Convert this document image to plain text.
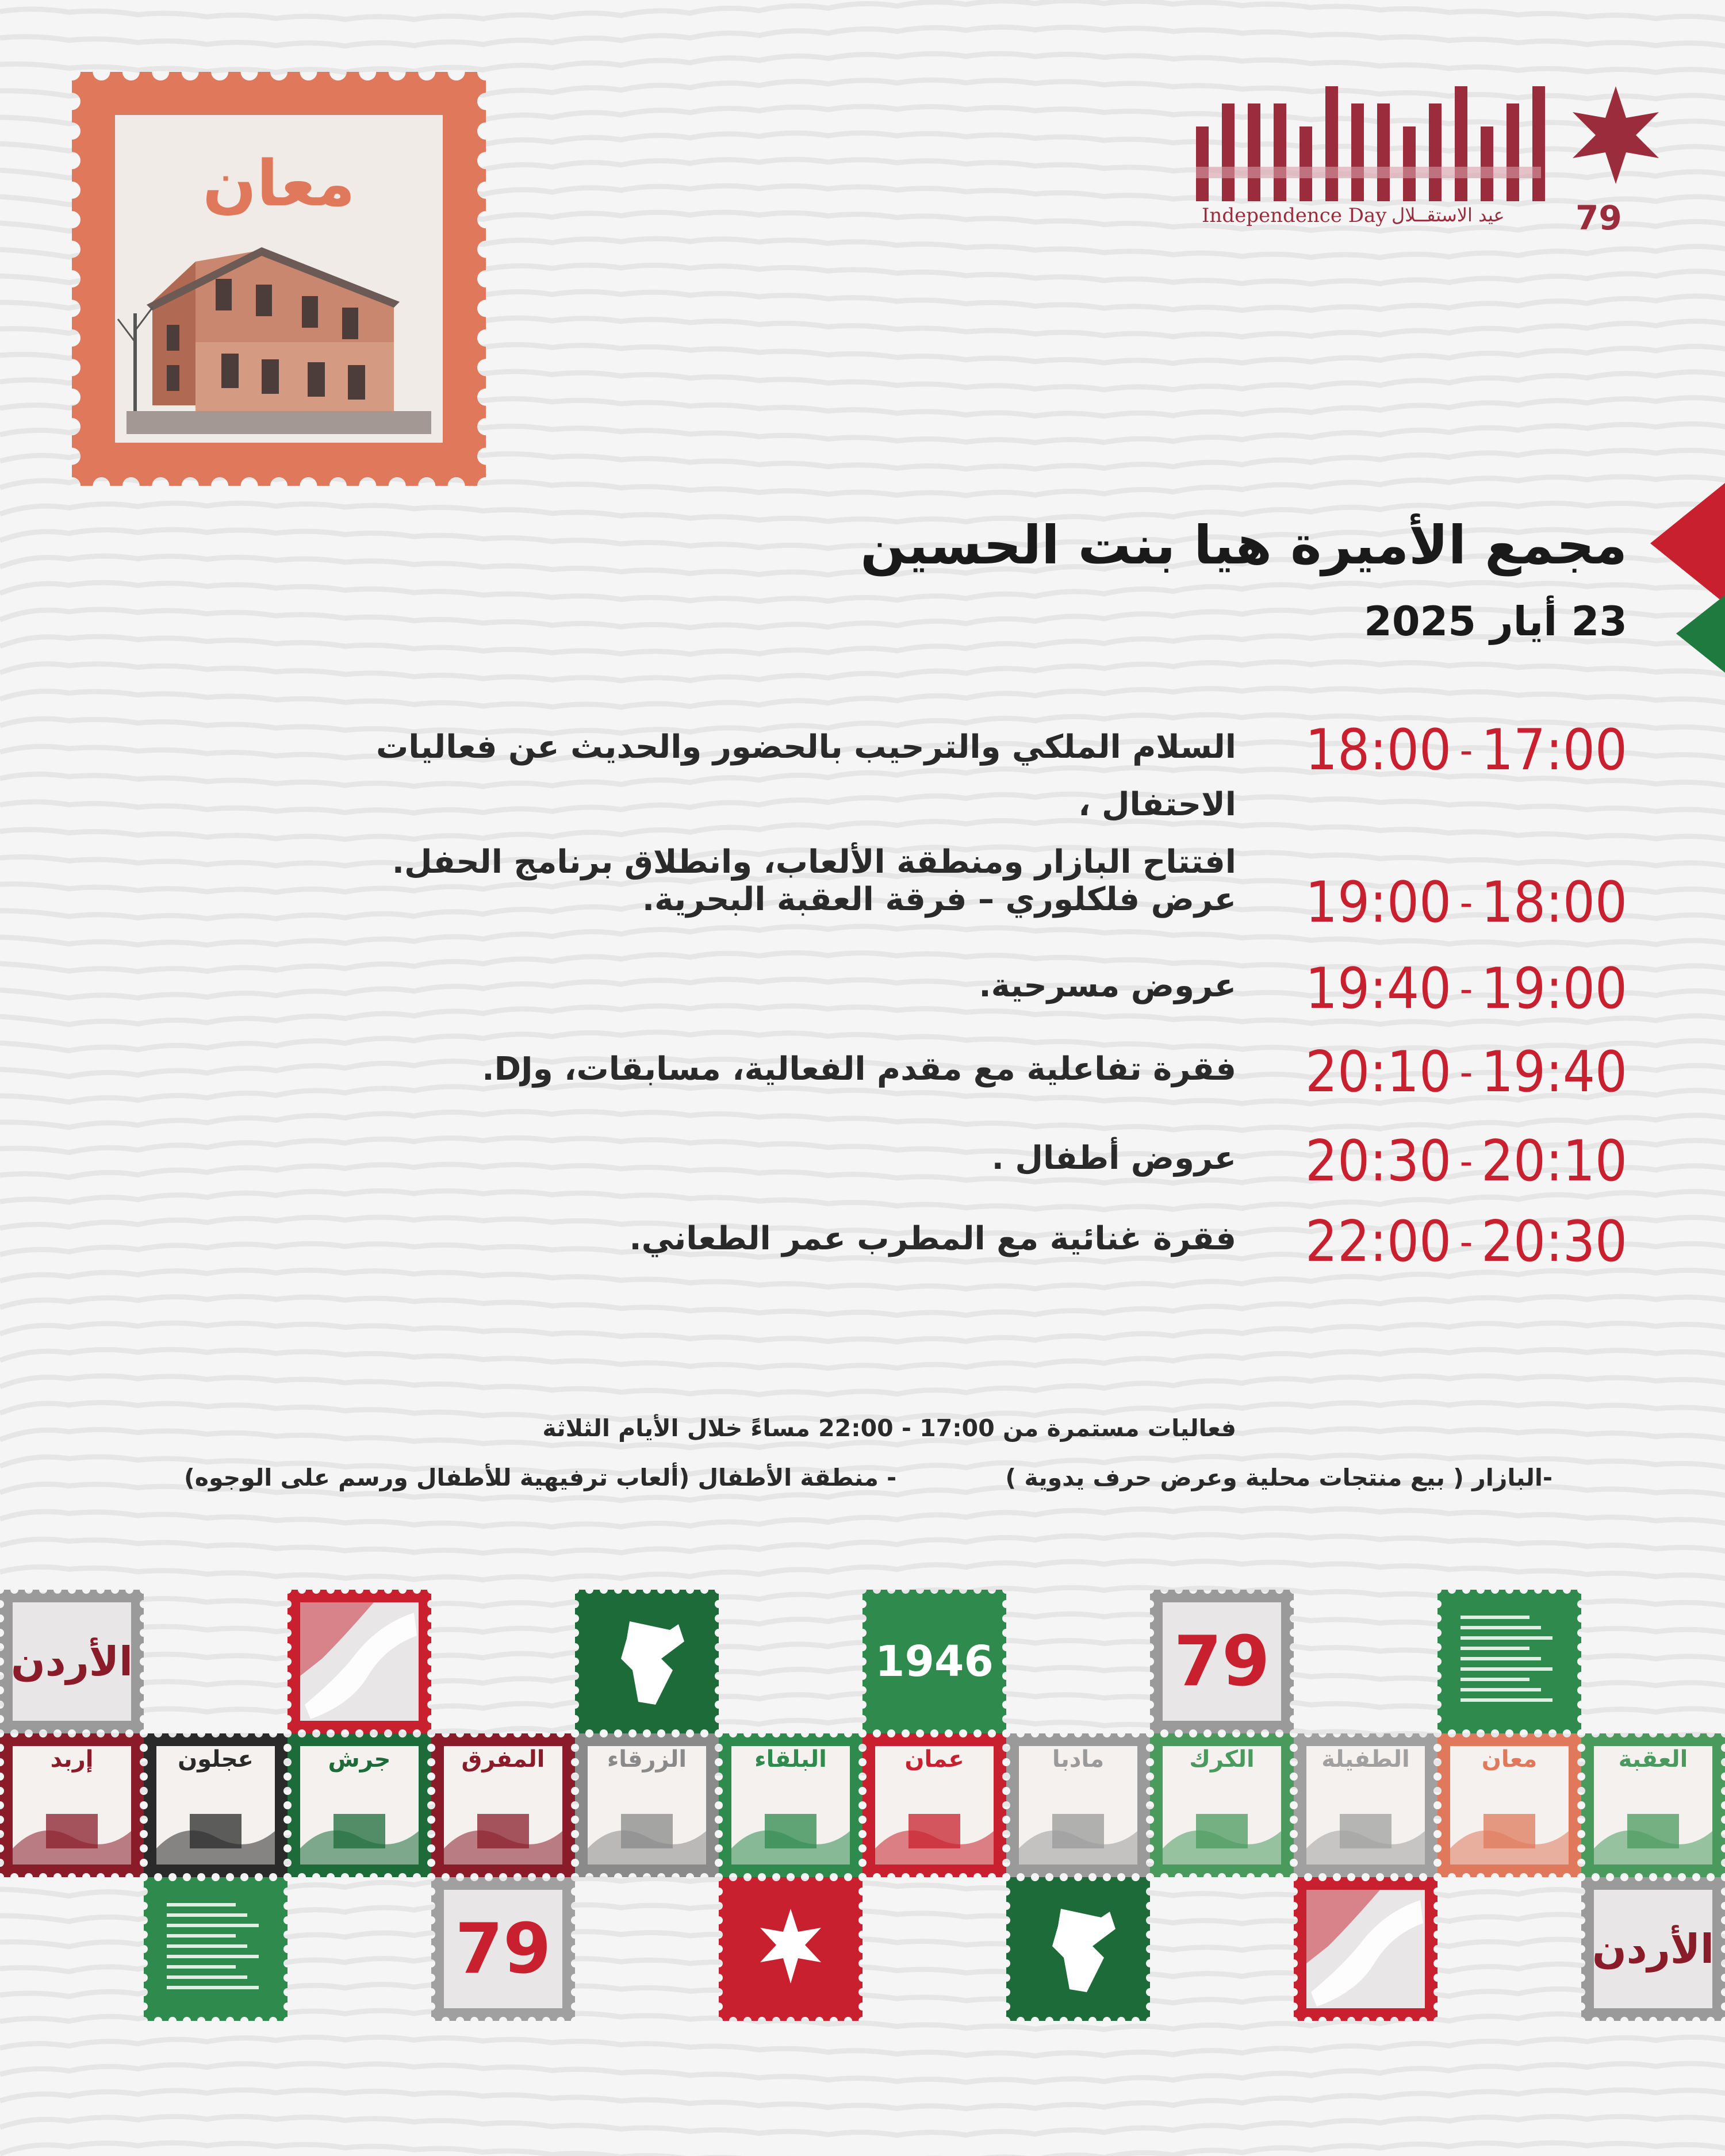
معان	Independence Day عيد الاستقــلال 79
مجمع الأميرة هيا بنت الحسين
23 أيار 2025
18:00 - 17:00
السلام الملكي والترحيب بالحضور والحديث عن فعاليات الاحتفال ،
افتتاح البازار ومنطقة الألعاب، وانطلاق برنامج الحفل.
19:00 - 18:00
عرض فلكلوري – فرقة العقبة البحرية.
19:40 - 19:00
عروض مسرحية.
20:10 - 19:40
فقرة تفاعلية مع مقدم الفعالية، مسابقات، وDJ.
20:30 - 20:10
عروض أطفال .
22:00 - 20:30
فقرة غنائية مع المطرب عمر الطعاني.
فعاليات مستمرة من 17:00 - 22:00 مساءً خلال الأيام الثلاثة
-البازار ( بيع منتجات محلية وعرض حرف يدوية )
- منطقة الأطفال (ألعاب ترفيهية للأطفال ورسم على الوجوه)
الأردن	1946	79
إربد	عجلون	جرش	المفرق	الزرقاء	البلقاء	عمان	مادبا	الكرك	الطفيلة	معان	العقبة
79	الأردن
